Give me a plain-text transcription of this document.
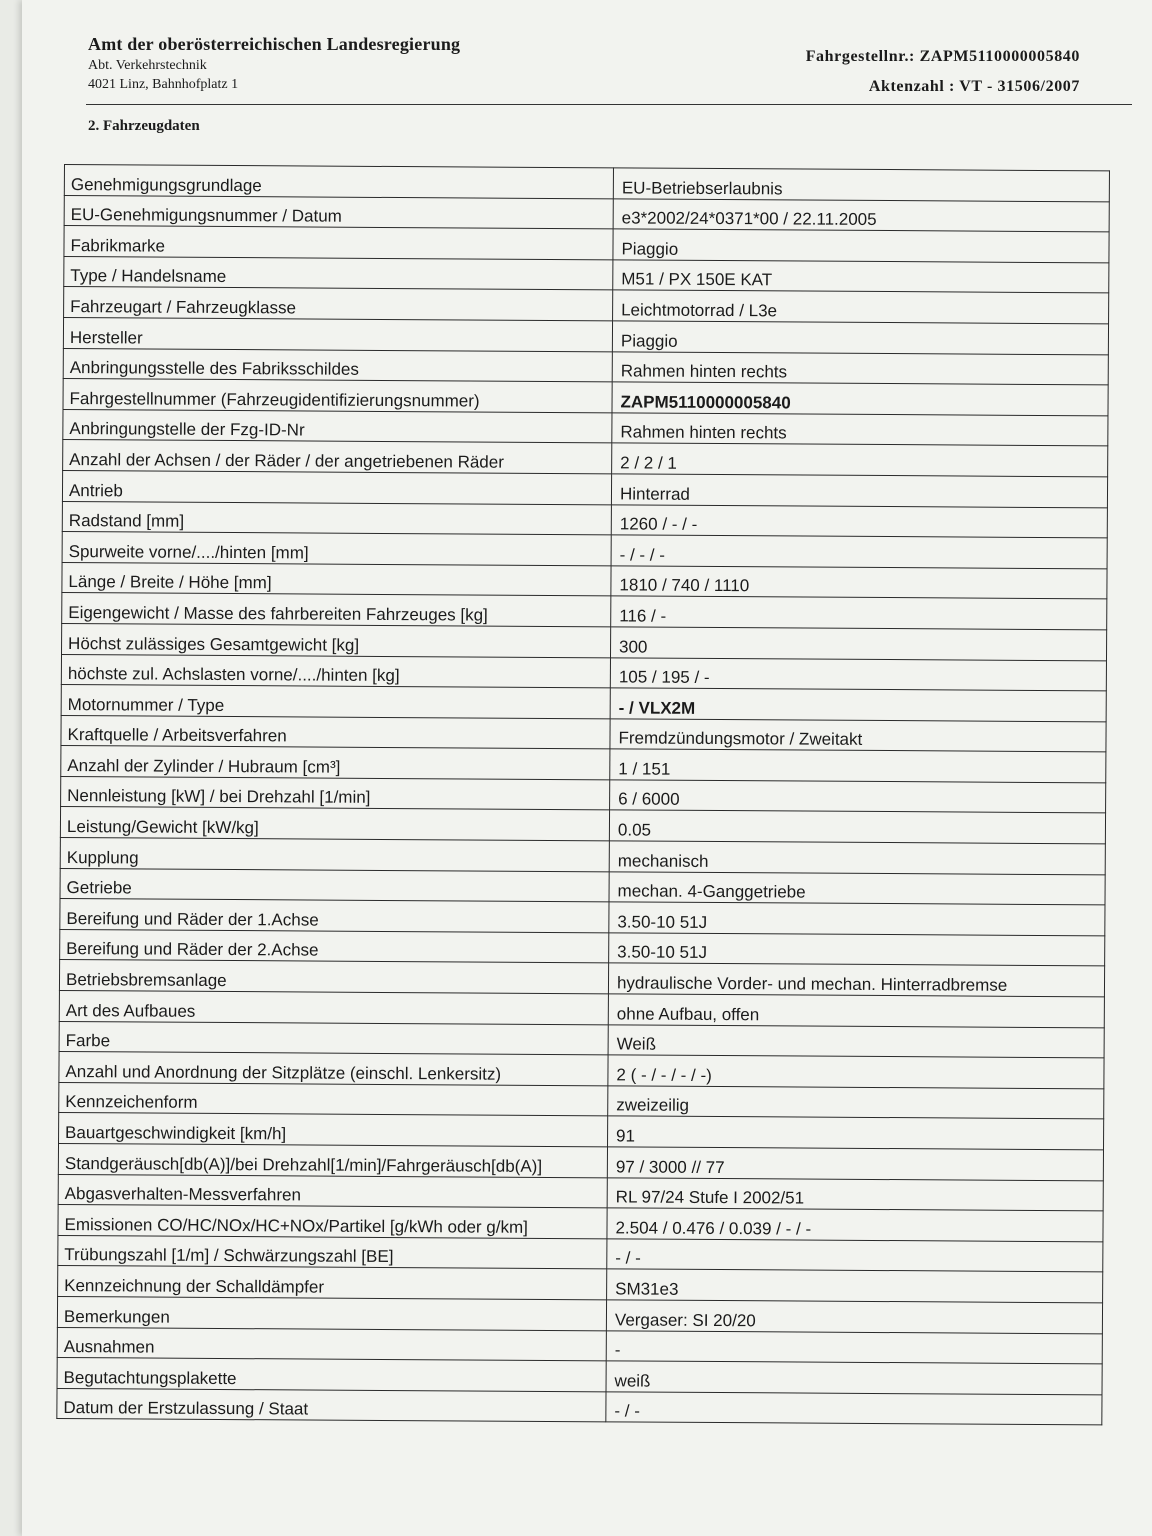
Amt der oberösterreichischen Landesregierung
Abt. Verkehrstechnik
4021 Linz, Bahnhofplatz 1
Fahrgestellnr.: ZAPM5110000005840
Aktenzahl : VT - 31506/2007
2. Fahrzeugdaten
Genehmigungsgrundlage	EU-Betriebserlaubnis
EU-Genehmigungsnummer / Datum	e3*2002/24*0371*00 / 22.11.2005
Fabrikmarke	Piaggio
Type / Handelsname	M51 / PX 150E KAT
Fahrzeugart / Fahrzeugklasse	Leichtmotorrad / L3e
Hersteller	Piaggio
Anbringungsstelle des Fabriksschildes	Rahmen hinten rechts
Fahrgestellnummer (Fahrzeugidentifizierungsnummer)	ZAPM5110000005840
Anbringungstelle der Fzg-ID-Nr	Rahmen hinten rechts
Anzahl der Achsen / der Räder / der angetriebenen Räder	2 / 2 / 1
Antrieb	Hinterrad
Radstand [mm]	1260 / - / -
Spurweite vorne/..../hinten [mm]	- / - / -
Länge / Breite / Höhe [mm]	1810 / 740 / 1110
Eigengewicht / Masse des fahrbereiten Fahrzeuges [kg]	116 / -
Höchst zulässiges Gesamtgewicht [kg]	300
höchste zul. Achslasten vorne/..../hinten [kg]	105 / 195 / -
Motornummer / Type	- / VLX2M
Kraftquelle / Arbeitsverfahren	Fremdzündungsmotor / Zweitakt
Anzahl der Zylinder / Hubraum [cm³]	1 / 151
Nennleistung [kW] / bei Drehzahl [1/min]	6 / 6000
Leistung/Gewicht [kW/kg]	0.05
Kupplung	mechanisch
Getriebe	mechan. 4-Ganggetriebe
Bereifung und Räder der 1.Achse	3.50-10 51J
Bereifung und Räder der 2.Achse	3.50-10 51J
Betriebsbremsanlage	hydraulische Vorder- und mechan. Hinterradbremse
Art des Aufbaues	ohne Aufbau, offen
Farbe	Weiß
Anzahl und Anordnung der Sitzplätze (einschl. Lenkersitz)	2 ( - / - / - / -)
Kennzeichenform	zweizeilig
Bauartgeschwindigkeit [km/h]	91
Standgeräusch[db(A)]/bei Drehzahl[1/min]/Fahrgeräusch[db(A)]	97 / 3000 // 77
Abgasverhalten-Messverfahren	RL 97/24 Stufe I 2002/51
Emissionen CO/HC/NOx/HC+NOx/Partikel [g/kWh oder g/km]	2.504 / 0.476 / 0.039 / - / -
Trübungszahl [1/m] / Schwärzungszahl [BE]	- / -
Kennzeichnung der Schalldämpfer	SM31e3
Bemerkungen	Vergaser: SI 20/20
Ausnahmen	-
Begutachtungsplakette	weiß
Datum der Erstzulassung / Staat	- / -
